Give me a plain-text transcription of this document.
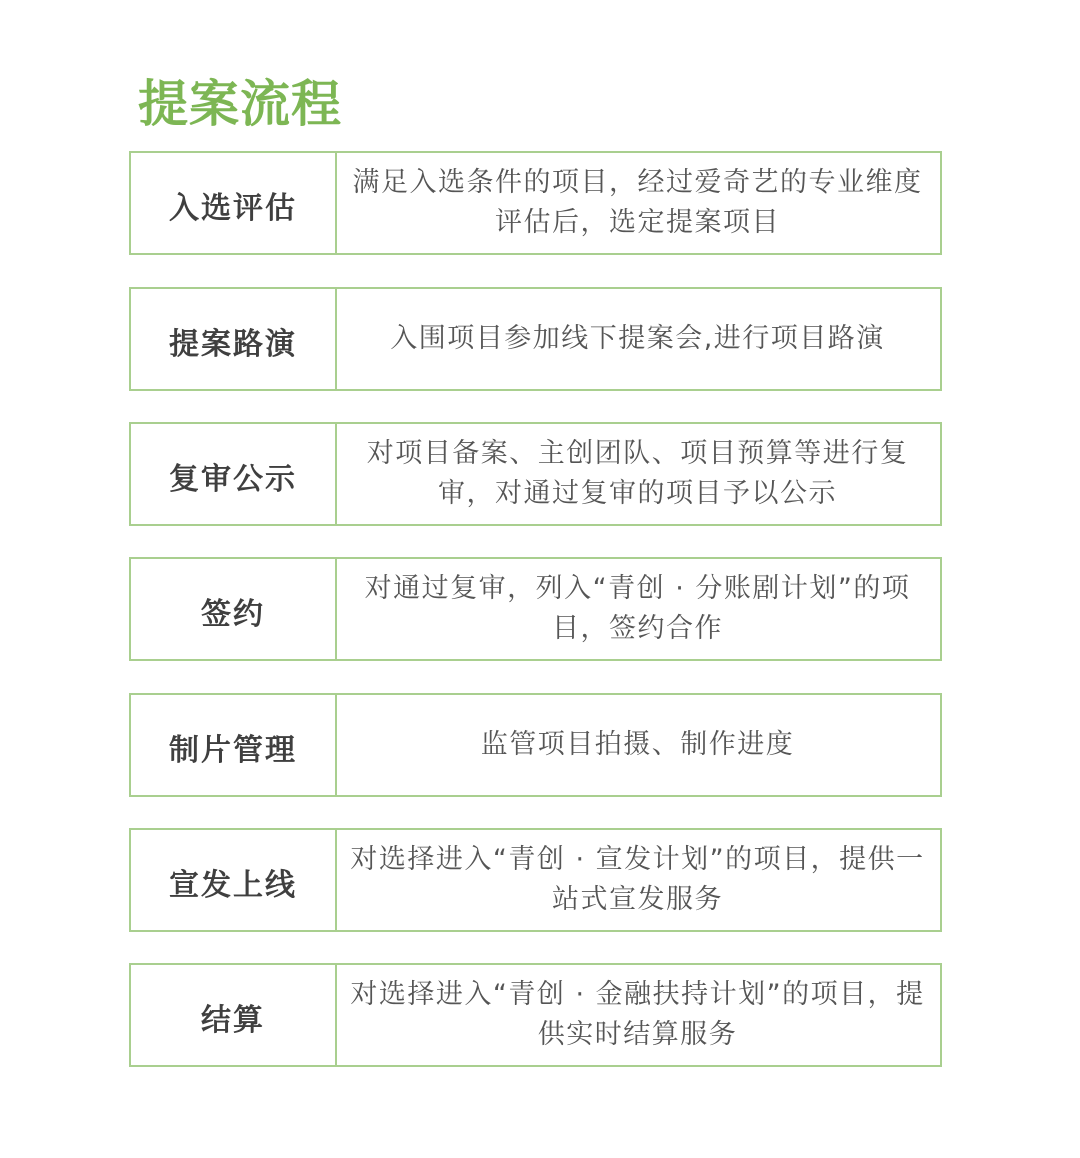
提案流程
入选评估
满足入选条件的项目，经过爱奇艺的专业维度评估后，选定提案项目
提案路演	入围项目参加线下提案会,进行项目路演
复审公示
对项目备案、主创团队、项目预算等进行复审，对通过复审的项目予以公示
签约
对通过复审，列入“青创 · 分账剧计划”的项目，签约合作
制片管理	监管项目拍摄、制作进度
宣发上线
对选择进入“青创 · 宣发计划”的项目，提供一站式宣发服务
结算
对选择进入“青创 · 金融扶持计划”的项目，提供实时结算服务
